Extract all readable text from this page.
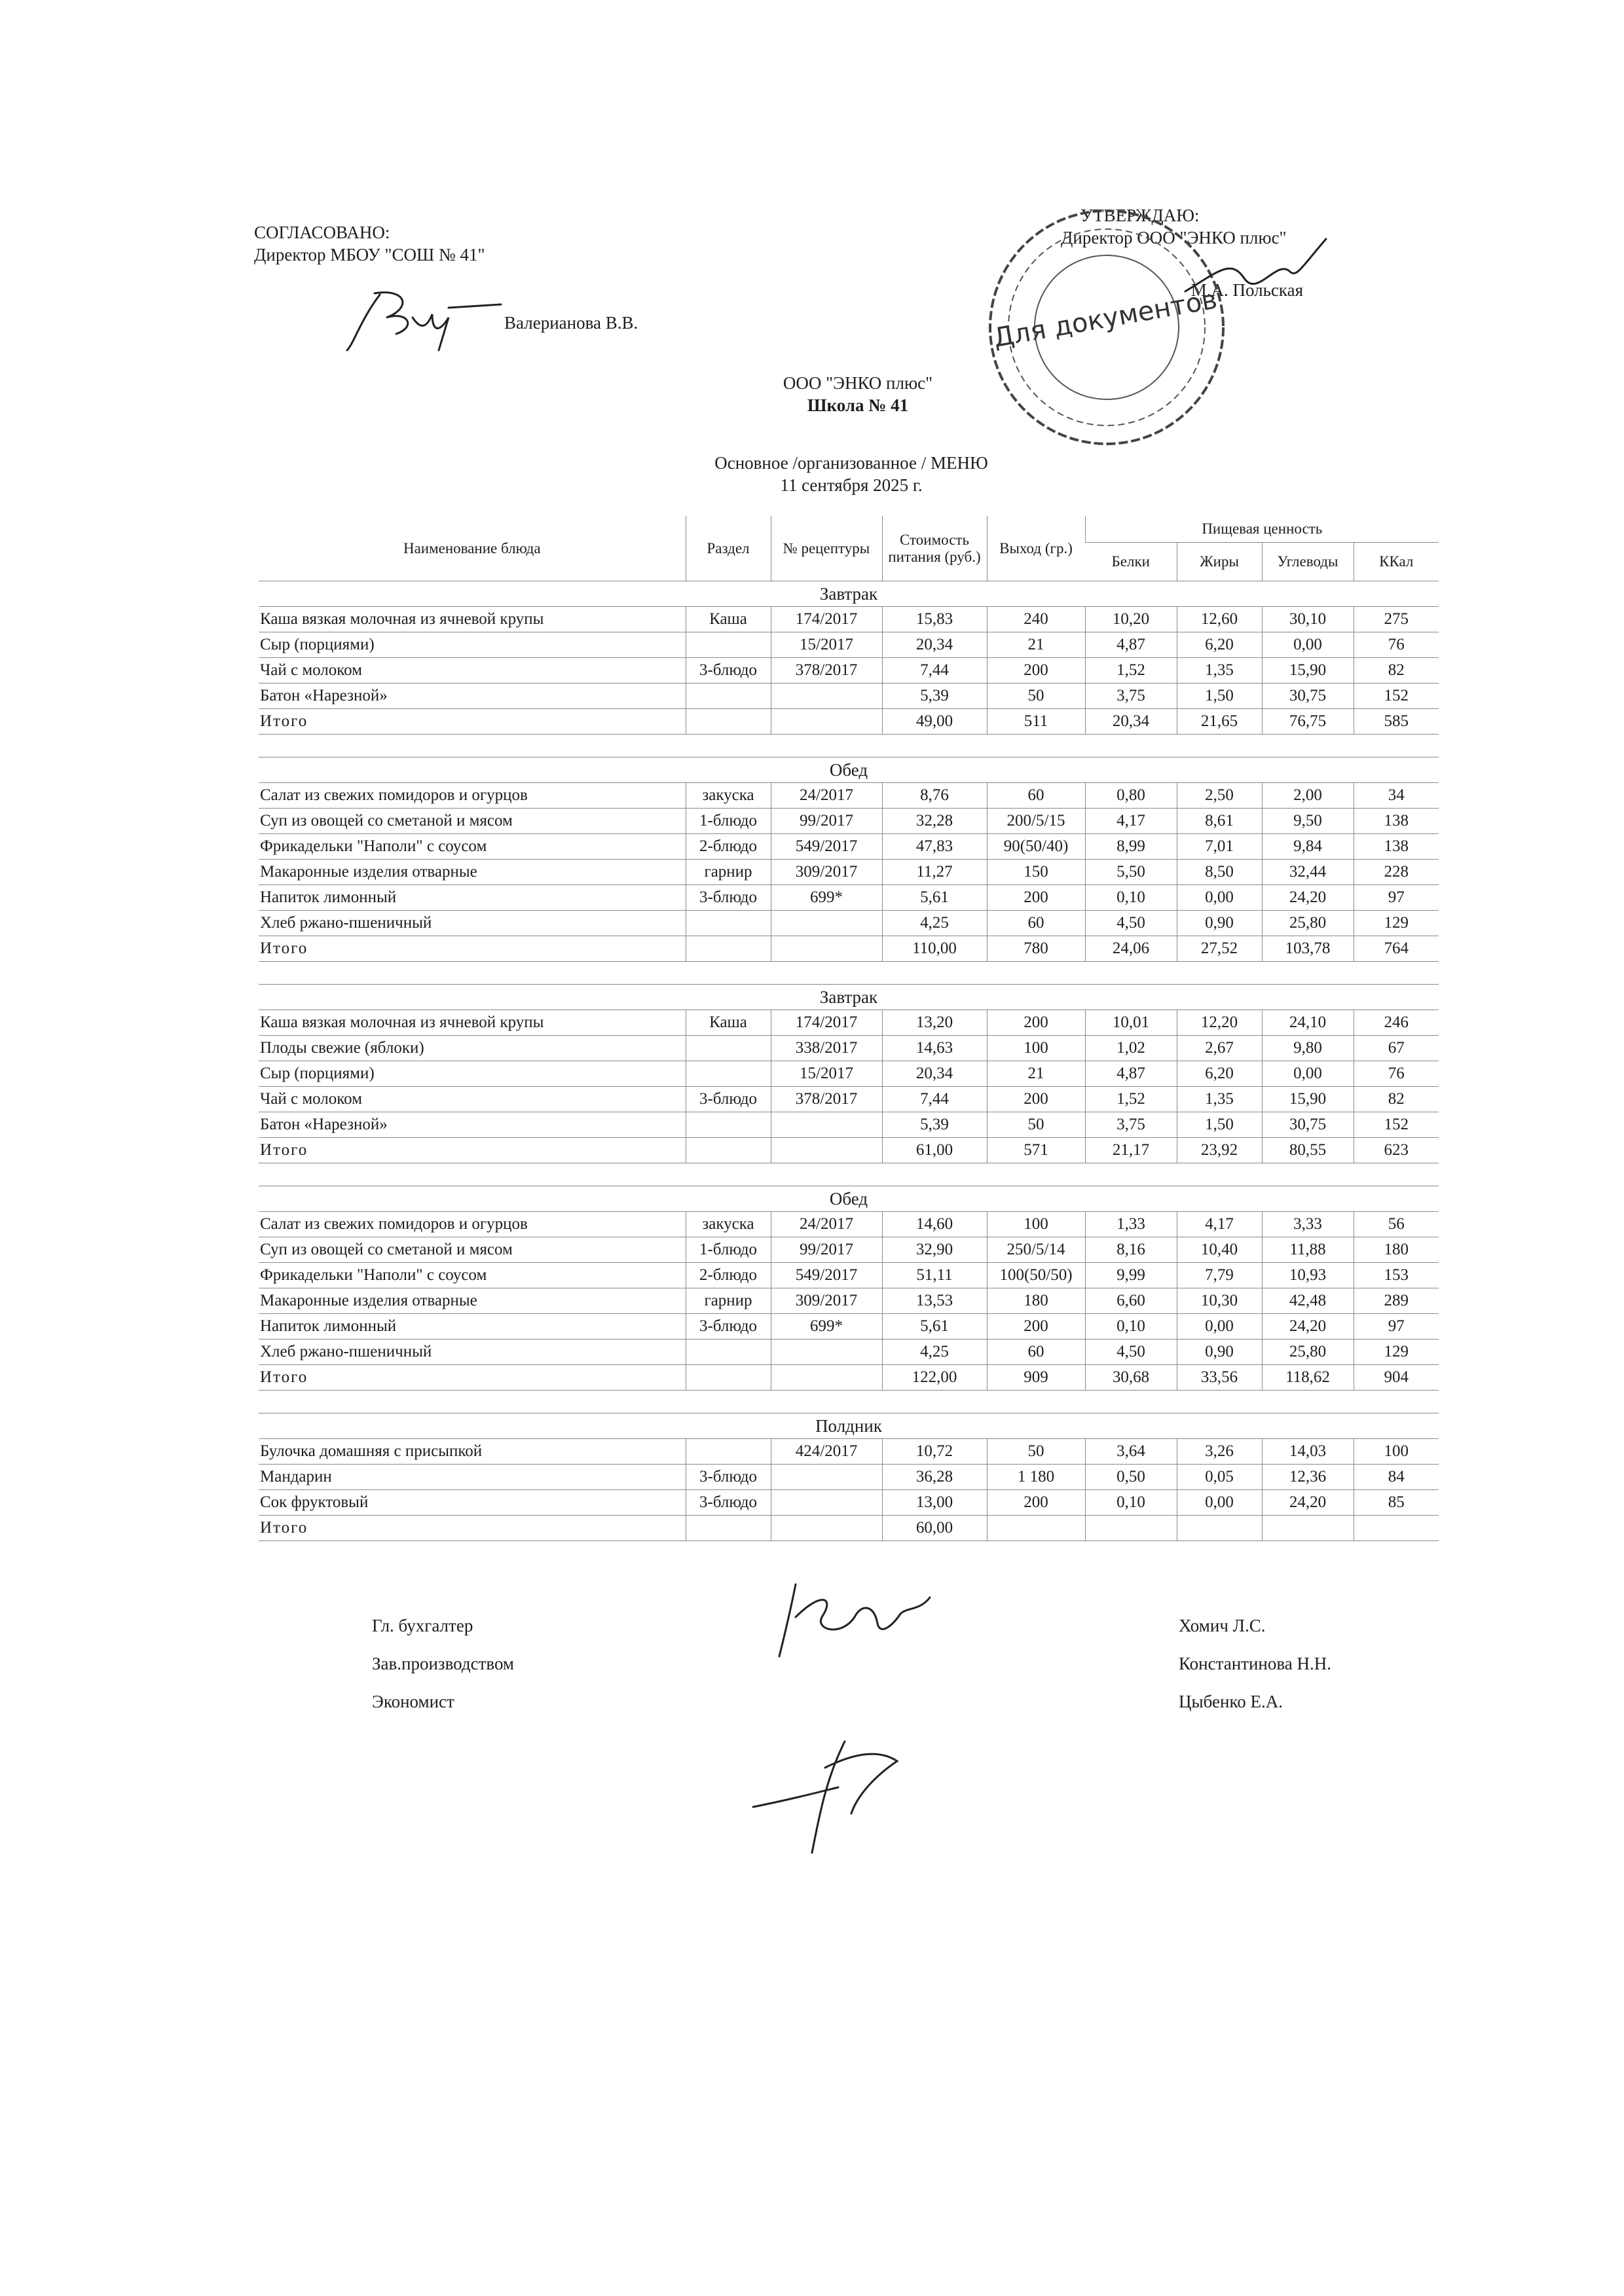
СОГЛАСОВАНО:
Директор МБОУ "СОШ № 41"
Валерианова В.В.
УТВЕРЖДАЮ:
Директор ООО "ЭНКО плюс"
М.А. Польская
Для документов
ООО "ЭНКО плюс"
Школа № 41
Основное /организованное / МЕНЮ
11 сентября 2025 г.
Наименование блюда	Раздел	№ рецептуры	Стоимость питания (руб.)	Выход (гр.)	Пищевая ценность			
					Белки	Жиры	Углеводы	ККал
Завтрак								
Каша вязкая молочная из ячневой крупы	Каша	174/2017	15,83	240	10,20	12,60	30,10	275
Сыр (порциями)		15/2017	20,34	21	4,87	6,20	0,00	76
Чай с молоком	3-блюдо	378/2017	7,44	200	1,52	1,35	15,90	82
Батон «Нарезной»			5,39	50	3,75	1,50	30,75	152
Итого			49,00	511	20,34	21,65	76,75	585

Обед								
Салат из свежих помидоров и огурцов	закуска	24/2017	8,76	60	0,80	2,50	2,00	34
Суп из овощей со сметаной и мясом	1-блюдо	99/2017	32,28	200/5/15	4,17	8,61	9,50	138
Фрикадельки "Наполи" с соусом	2-блюдо	549/2017	47,83	90(50/40)	8,99	7,01	9,84	138
Макаронные изделия отварные	гарнир	309/2017	11,27	150	5,50	8,50	32,44	228
Напиток лимонный	3-блюдо	699*	5,61	200	0,10	0,00	24,20	97
Хлеб ржано-пшеничный			4,25	60	4,50	0,90	25,80	129
Итого			110,00	780	24,06	27,52	103,78	764

Завтрак								
Каша вязкая молочная из ячневой крупы	Каша	174/2017	13,20	200	10,01	12,20	24,10	246
Плоды свежие (яблоки)		338/2017	14,63	100	1,02	2,67	9,80	67
Сыр (порциями)		15/2017	20,34	21	4,87	6,20	0,00	76
Чай с молоком	3-блюдо	378/2017	7,44	200	1,52	1,35	15,90	82
Батон «Нарезной»			5,39	50	3,75	1,50	30,75	152
Итого			61,00	571	21,17	23,92	80,55	623

Обед								
Салат из свежих помидоров и огурцов	закуска	24/2017	14,60	100	1,33	4,17	3,33	56
Суп из овощей со сметаной и мясом	1-блюдо	99/2017	32,90	250/5/14	8,16	10,40	11,88	180
Фрикадельки "Наполи" с соусом	2-блюдо	549/2017	51,11	100(50/50)	9,99	7,79	10,93	153
Макаронные изделия отварные	гарнир	309/2017	13,53	180	6,60	10,30	42,48	289
Напиток лимонный	3-блюдо	699*	5,61	200	0,10	0,00	24,20	97
Хлеб ржано-пшеничный			4,25	60	4,50	0,90	25,80	129
Итого			122,00	909	30,68	33,56	118,62	904

Полдник								
Булочка домашняя с присыпкой		424/2017	10,72	50	3,64	3,26	14,03	100
Мандарин	3-блюдо		36,28	1 180	0,50	0,05	12,36	84
Сок фруктовый	3-блюдо		13,00	200	0,10	0,00	24,20	85
Итого			60,00					
Гл. бухгалтер	Хомич Л.С.
Зав.производством	Константинова Н.Н.
Экономист	Цыбенко Е.А.
